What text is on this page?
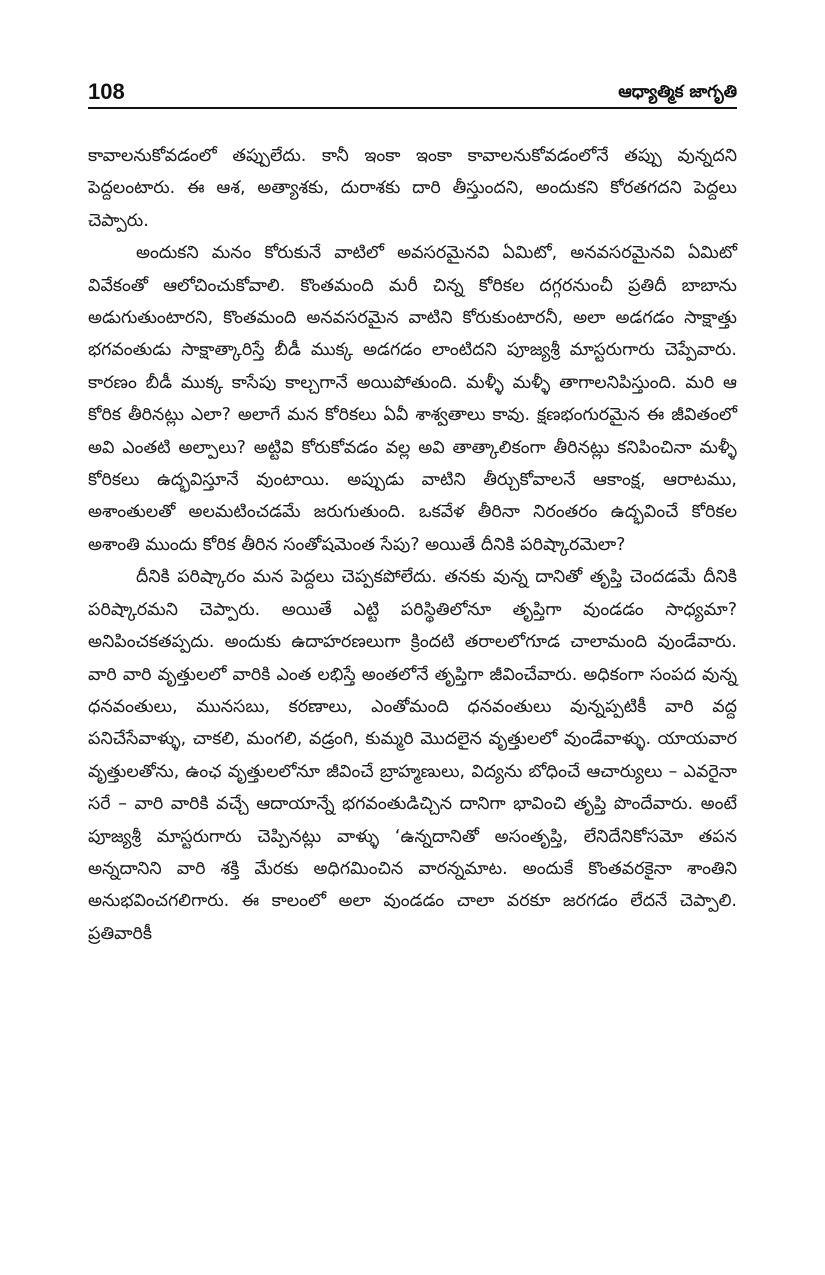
108	ఆధ్యాత్మిక జాగృతి

కావాలనుకోవడంలో తప్పులేదు. కానీ ఇంకా ఇంకా కావాలనుకోవడంలోనే తప్పు వున్నదని పెద్దలంటారు. ఈ ఆశ, అత్యాశకు, దురాశకు దారి తీస్తుందని, అందుకని కోరతగదని పెద్దలు చెప్పారు.

అందుకని మనం కోరుకునే వాటిలో అవసరమైనవి ఏమిటో, అనవసరమైనవి ఏమిటో వివేకంతో ఆలోచించుకోవాలి. కొంతమంది మరీ చిన్న కోరికల దగ్గరనుంచీ ప్రతిదీ బాబాను అడుగుతుంటారని, కొంతమంది అనవసరమైన వాటిని కోరుకుంటారనీ, అలా అడగడం సాక్షాత్తు భగవంతుడు సాక్షాత్కారిస్తే బీడీ ముక్క అడగడం లాంటిదని పూజ్యశ్రీ మాస్టరుగారు చెప్పేవారు. కారణం బీడీ ముక్క కాసేపు కాల్చగానే అయిపోతుంది. మళ్ళీ మళ్ళీ తాగాలనిపిస్తుంది. మరి ఆ కోరిక తీరినట్లు ఎలా? అలాగే మన కోరికలు ఏవీ శాశ్వతాలు కావు. క్షణభంగురమైన ఈ జీవితంలో అవి ఎంతటి అల్పాలు? అట్టివి కోరుకోవడం వల్ల అవి తాత్కాలికంగా తీరినట్లు కనిపించినా మళ్ళీ కోరికలు ఉద్భవిస్తూనే వుంటాయి. అప్పుడు వాటిని తీర్చుకోవాలనే ఆకాంక్ష, ఆరాటము, అశాంతులతో అలమటించడమే జరుగుతుంది. ఒకవేళ తీరినా నిరంతరం ఉద్భవించే కోరికల అశాంతి ముందు కోరిక తీరిన సంతోషమెంత సేపు? అయితే దీనికి పరిష్కారమెలా?

దీనికి పరిష్కారం మన పెద్దలు చెప్పకపోలేదు. తనకు వున్న దానితో తృప్తి చెందడమే దీనికి పరిష్కారమని చెప్పారు. అయితే ఎట్టి పరిస్థితిలోనూ తృప్తిగా వుండడం సాధ్యమా? అనిపించకతప్పదు. అందుకు ఉదాహరణలుగా క్రిందటి తరాలలోగూడ చాలామంది వుండేవారు. వారి వారి వృత్తులలో వారికి ఎంత లభిస్తే అంతలోనే తృప్తిగా జీవించేవారు. అధికంగా సంపద వున్న ధనవంతులు, మునసబు, కరణాలు, ఎంతోమంది ధనవంతులు వున్నప్పటికీ వారి వద్ద పనిచేసేవాళ్ళు, చాకలి, మంగలి, వడ్రంగి, కుమ్మరి మొదలైన వృత్తులలో వుండేవాళ్ళు. యాయవార వృత్తులతోను, ఉంఛ వృత్తులలోనూ జీవించే బ్రాహ్మణులు, విద్యను బోధించే ఆచార్యులు – ఎవరైనా సరే – వారి వారికి వచ్చే ఆదాయాన్నే భగవంతుడిచ్చిన దానిగా భావించి తృప్తి పొందేవారు. అంటే పూజ్యశ్రీ మాస్టరుగారు చెప్పినట్లు వాళ్ళు ‘ఉన్నదానితో అసంతృప్తి, లేనిదేనికోసమో తపన అన్నదానిని వారి శక్తి మేరకు అధిగమించిన వారన్నమాట. అందుకే కొంతవరకైనా శాంతిని అనుభవించగలిగారు. ఈ కాలంలో అలా వుండడం చాలా వరకూ జరగడం లేదనే చెప్పాలి. ప్రతివారికీ
